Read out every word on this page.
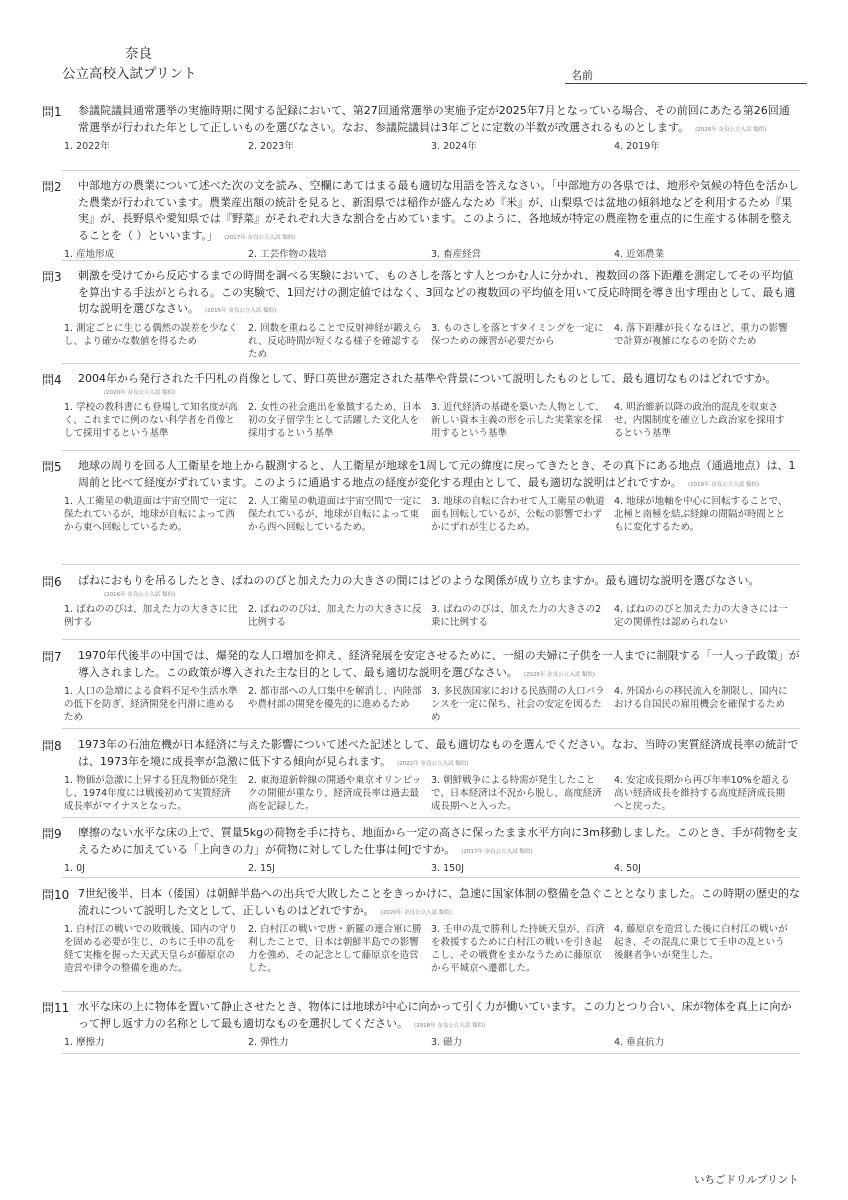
奈良
公立高校入試プリント	名前
問1 参議院議員通常選挙の実施時期に関する記録において、第27回通常選挙の実施予定が2025年7月となっている場合、その前回にあたる第26回通常選挙が行われた年として正しいものを選びなさい。なお、参議院議員は3年ごとに定数の半数が改選されるものとします。 (2026年 奈良公立入試 類似)
1. 2022年	2. 2023年	3. 2024年	4. 2019年
問2 中部地方の農業について述べた次の文を読み、空欄にあてはまる最も適切な用語を答えなさい。「中部地方の各県では、地形や気候の特色を活かした農業が行われています。農業産出額の統計を見ると、新潟県では稲作が盛んなため『米』が、山梨県では盆地の傾斜地などを利用するため『果実』が、長野県や愛知県では『野菜』がそれぞれ大きな割合を占めています。このように、各地域が特定の農産物を重点的に生産する体制を整えることを（ ）といいます。」 (2017年 奈良公立入試 類似)
1. 産地形成	2. 工芸作物の栽培	3. 畜産経営	4. 近郊農業
問3 刺激を受けてから反応するまでの時間を調べる実験において、ものさしを落とす人とつかむ人に分かれ、複数回の落下距離を測定してその平均値を算出する手法がとられる。この実験で、1回だけの測定値ではなく、3回などの複数回の平均値を用いて反応時間を導き出す理由として、最も適切な説明を選びなさい。 (2015年 奈良公立入試 類似)
1. 測定ごとに生じる偶然の誤差を少なくし、より確かな数値を得るため
2. 回数を重ねることで反射神経が鍛えられ、反応時間が短くなる様子を確認するため
3. ものさしを落とすタイミングを一定に保つための練習が必要だから
4. 落下距離が長くなるほど、重力の影響で計算が複雑になるのを防ぐため
問4 2004年から発行された千円札の肖像として、野口英世が選定された基準や背景について説明したものとして、最も適切なものはどれですか。
(2020年 奈良公立入試 類似)
1. 学校の教科書にも登場して知名度が高く、これまでに例のない科学者を肖像として採用するという基準
2. 女性の社会進出を象徴するため、日本初の女子留学生として活躍した文化人を採用するという基準
3. 近代経済の基礎を築いた人物として、新しい資本主義の形を示した実業家を採用するという基準
4. 明治維新以降の政治的混乱を収束させ、内閣制度を確立した政治家を採用するという基準
問5 地球の周りを回る人工衛星を地上から観測すると、人工衛星が地球を1周して元の緯度に戻ってきたとき、その真下にある地点（通過地点）は、1周前と比べて経度がずれています。このように通過する地点の経度が変化する理由として、最も適切な説明はどれですか。 (2019年 奈良公立入試 類似)
1. 人工衛星の軌道面は宇宙空間で一定に保たれているが、地球が自転によって西から東へ回転しているため。
2. 人工衛星の軌道面は宇宙空間で一定に保たれているが、地球が自転によって東から西へ回転しているため。
3. 地球の自転に合わせて人工衛星の軌道面も回転しているが、公転の影響でわずかにずれが生じるため。
4. 地球が地軸を中心に回転することで、北極と南極を結ぶ経線の間隔が時間とともに変化するため。
問6 ばねにおもりを吊るしたとき、ばねののびと加えた力の大きさの間にはどのような関係が成り立ちますか。最も適切な説明を選びなさい。
(2016年 奈良公立入試 類似)
1. ばねののびは、加えた力の大きさに比例する
2. ばねののびは、加えた力の大きさに反比例する
3. ばねののびは、加えた力の大きさの2乗に比例する
4. ばねののびと加えた力の大きさには一定の関係性は認められない
問7 1970年代後半の中国では、爆発的な人口増加を抑え、経済発展を安定させるために、一組の夫婦に子供を一人までに制限する「一人っ子政策」が導入されました。この政策が導入された主な目的として、最も適切な説明を選びなさい。 (2025年 奈良公立入試 類似)
1. 人口の急増による食料不足や生活水準の低下を防ぎ、経済開発を円滑に進めるため
2. 都市部への人口集中を解消し、内陸部や農村部の開発を優先的に進めるため
3. 多民族国家における民族間の人口バランスを一定に保ち、社会の安定を図るため
4. 外国からの移民流入を制限し、国内における自国民の雇用機会を確保するため
問8 1973年の石油危機が日本経済に与えた影響について述べた記述として、最も適切なものを選んでください。なお、当時の実質経済成長率の統計では、1973年を境に成長率が急激に低下する傾向が見られます。 (2022年 奈良公立入試 類似)
1. 物価が急激に上昇する狂乱物価が発生し、1974年度には戦後初めて実質経済成長率がマイナスとなった。
2. 東海道新幹線の開通や東京オリンピックの開催が重なり、経済成長率は過去最高を記録した。
3. 朝鮮戦争による特需が発生したことで、日本経済は不況から脱し、高度経済成長期へと入った。
4. 安定成長期から再び年率10%を超える高い経済成長を維持する高度経済成長期へと戻った。
問9 摩擦のない水平な床の上で、質量5kgの荷物を手に持ち、地面から一定の高さに保ったまま水平方向に3m移動しました。このとき、手が荷物を支えるために加えている「上向きの力」が荷物に対してした仕事は何Jですか。 (2017年 奈良公立入試 類似)
1. 0J	2. 15J	3. 150J	4. 50J
問10 7世紀後半、日本（倭国）は朝鮮半島への出兵で大敗したことをきっかけに、急速に国家体制の整備を急ぐこととなりました。この時期の歴史的な流れについて説明した文として、正しいものはどれですか。 (2020年 奈良公立入試 類似)
1. 白村江の戦いでの敗戦後、国内の守りを固める必要が生じ、のちに壬申の乱を経て実権を握った天武天皇らが藤原京の造営や律令の整備を進めた。
2. 白村江の戦いで唐・新羅の連合軍に勝利したことで、日本は朝鮮半島での影響力を強め、その記念として藤原京を造営した。
3. 壬申の乱で勝利した持統天皇が、百済を救援するために白村江の戦いを引き起こし、その戦費をまかなうために藤原京から平城京へ遷都した。
4. 藤原京を造営した後に白村江の戦いが起き、その混乱に乗じて壬申の乱という後継者争いが発生した。
問11 水平な床の上に物体を置いて静止させたとき、物体には地球が中心に向かって引く力が働いています。この力とつり合い、床が物体を真上に向かって押し返す力の名称として最も適切なものを選択してください。 (2018年 奈良公立入試 類似)
1. 摩擦力	2. 弾性力	3. 磁力	4. 垂直抗力
いちごドリルプリント
